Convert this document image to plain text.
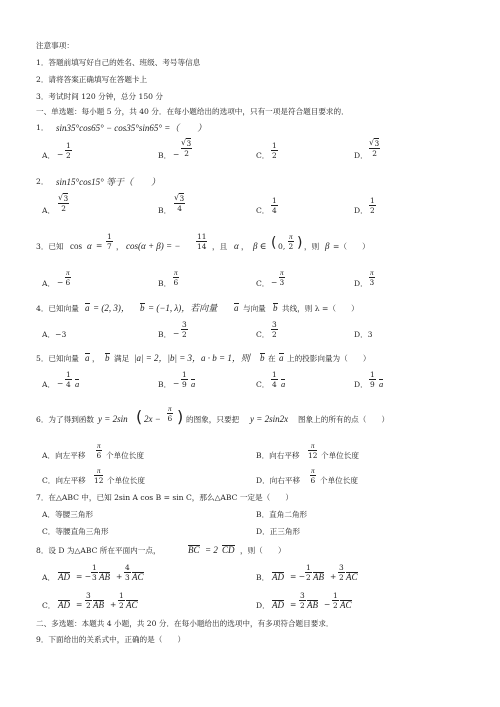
注意事项：
1．答题前填写好自己的姓名、班级、考号等信息
2．请将答案正确填写在答题卡上
3．考试时间 120 分钟，总分 150 分
一、单选题：每小题 5 分，共 40 分．在每小题给出的选项中，只有一项是符合题目要求的．
1． sin35°cos65° − cos35°sin65° =（　　）
A． − $\frac{1}{2}$	B． − √ $\frac{3}{2}$	C． $\frac{1}{2}$	D． √ $\frac{3}{2}$
2． sin15°cos15° 等于（　　）
A． √ $\frac{3}{2}$	B． √ $\frac{3}{4}$	C． $\frac{1}{4}$	D． $\frac{1}{2}$
3．已知 $\cos \alpha = \frac{1}{7}$ ， cos(α + β) = − $\frac{11}{14}$ ，且 α ， β ∈ ( 0, $\frac{\pi}{2}$ ) ，则 β =（　　）
A． − $\frac{\pi}{6}$	B． $\frac{\pi}{6}$	C． − $\frac{\pi}{3}$	D． $\frac{\pi}{3}$
4．已知向量 a = (2, 3)， b = (−1, λ)，若向量 a 与向量 b 共线，则 λ =（　　）
A．−3	B． − $\frac{3}{2}$	C． $\frac{3}{2}$	D．3
5．已知向量 a ， b 满足 |a| = 2，|b| = 3，a · b = 1，则 b 在 a 上的投影向量为（　　）
A． − $\frac{1}{4}$ a	B． − $\frac{1}{9}$ a	C． $\frac{1}{4}$ a	D． $\frac{1}{9}$ a
6．为了得到函数 y = 2sin ( $2x - \frac{\pi}{6}$ ) 的图象，只要把 y = 2sin2x 图象上的所有的点（　　）
A．向左平移 $\frac{\pi}{6}$ 个单位长度	B．向右平移 $\frac{\pi}{12}$ 个单位长度
C．向左平移 $\frac{\pi}{12}$ 个单位长度	D．向右平移 $\frac{\pi}{6}$ 个单位长度
7．在△ABC 中，已知 2sin A cos B = sin C，那么△ABC 一定是（　　）
A．等腰三角形	B．直角二角形
C．等腰直角三角形	D．正三角形
8．设 D 为△ABC 所在平面内一点，	BC = 2 CD ，则（　　）
A． AD = − $\frac{1}{3}$ AB + $\frac{4}{3}$ AC	B． AD = − $\frac{1}{2}$ AB + $\frac{3}{2}$ AC
C． AD = $\frac{3}{2}$ AB + $\frac{1}{2}$ AC	D． AD = $\frac{3}{2}$ AB − $\frac{1}{2}$ AC
二、多选题：本题共 4 小题，共 20 分．在每小题给出的选项中，有多项符合题目要求．
9．下面给出的关系式中，正确的是（　　）
